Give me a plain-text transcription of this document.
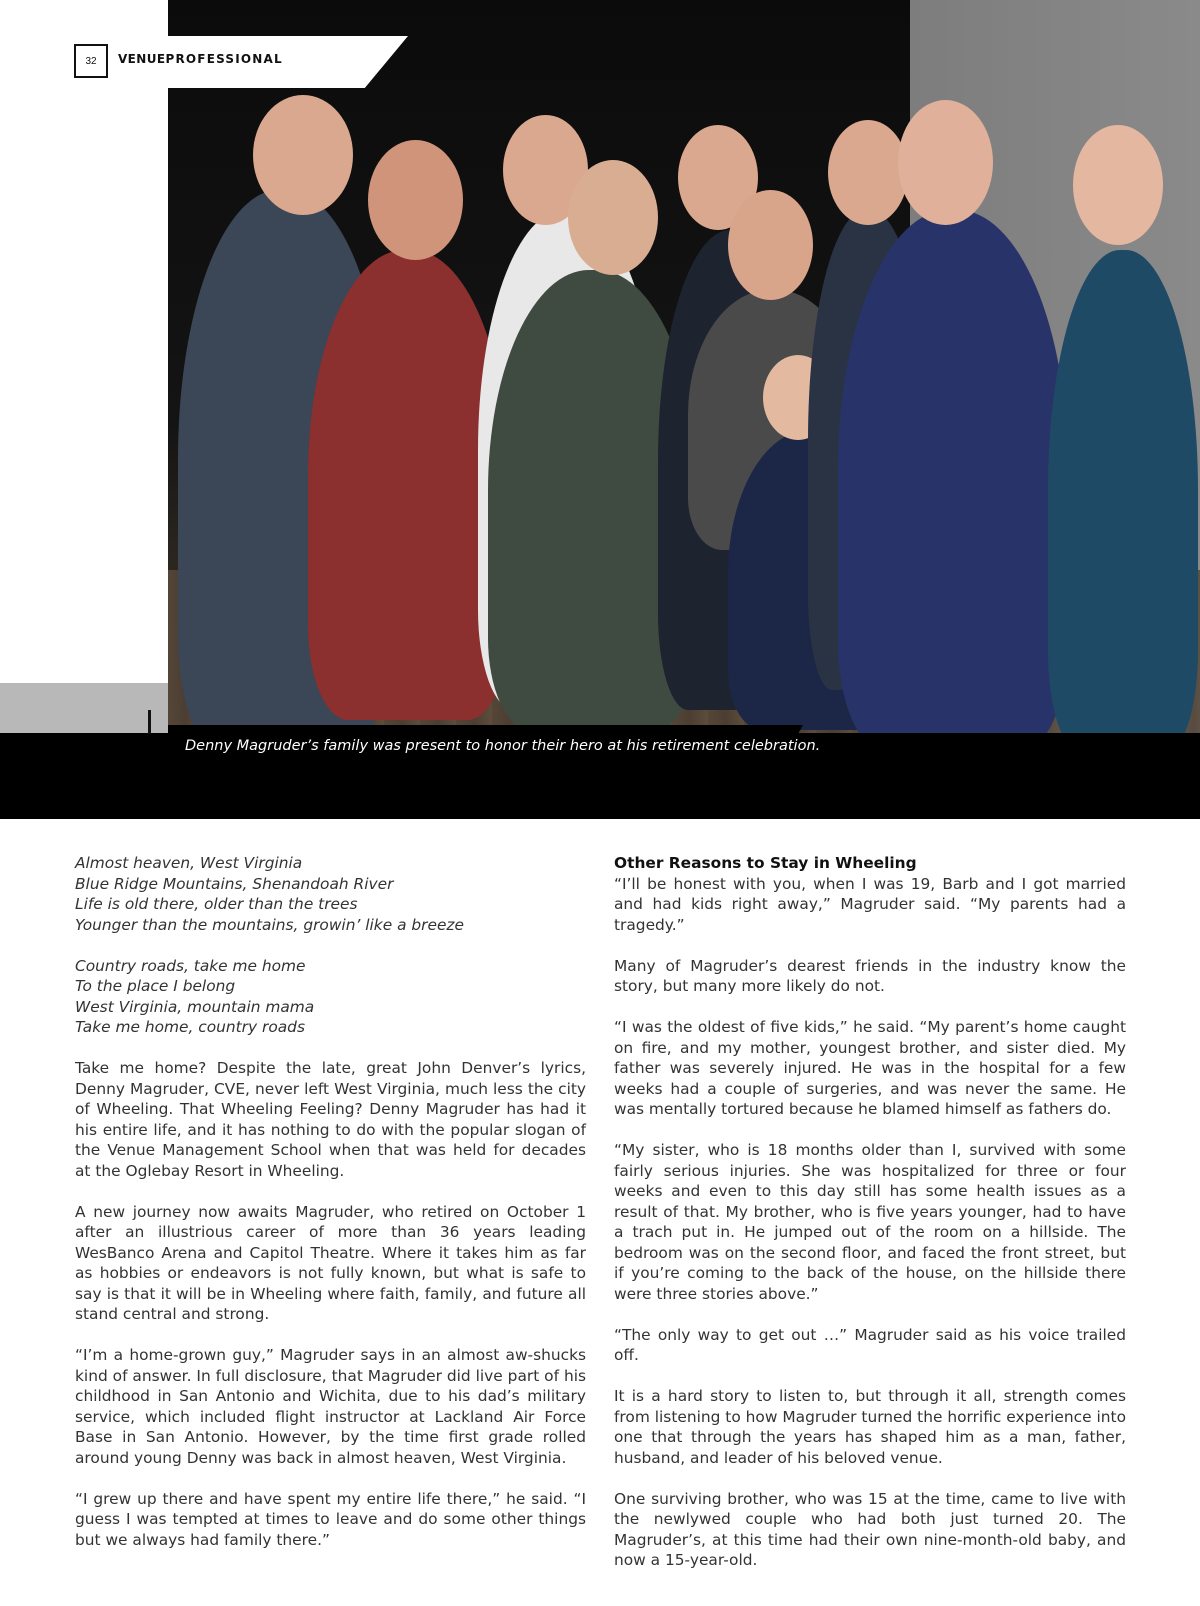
32	VENUEPROFESSIONAL
Denny Magruder’s family was present to honor their hero at his retirement celebration.

Almost heaven, West Virginia
Blue Ridge Mountains, Shenandoah River
Life is old there, older than the trees
Younger than the mountains, growin’ like a breeze

Country roads, take me home
To the place I belong
West Virginia, mountain mama
Take me home, country roads

Take me home? Despite the late, great John Denver’s lyrics, Denny Magruder, CVE, never left West Virginia, much less the city of Wheeling. That Wheeling Feeling? Denny Magruder has had it his entire life, and it has nothing to do with the popular slogan of the Venue Management School when that was held for decades at the Oglebay Resort in Wheeling.

A new journey now awaits Magruder, who retired on October 1 after an illustrious career of more than 36 years leading WesBanco Arena and Capitol Theatre. Where it takes him as far as hobbies or endeavors is not fully known, but what is safe to say is that it will be in Wheeling where faith, family, and future all stand central and strong.

“I’m a home-grown guy,” Magruder says in an almost aw-shucks kind of answer. In full disclosure, that Magruder did live part of his childhood in San Antonio and Wichita, due to his dad’s military service, which included flight instructor at Lackland Air Force Base in San Antonio. However, by the time first grade rolled around young Denny was back in almost heaven, West Virginia.

“I grew up there and have spent my entire life there,” he said. “I guess I was tempted at times to leave and do some other things but we always had family there.”

Other Reasons to Stay in Wheeling
“I’ll be honest with you, when I was 19, Barb and I got married and had kids right away,” Magruder said. “My parents had a tragedy.”

Many of Magruder’s dearest friends in the industry know the story, but many more likely do not.

“I was the oldest of five kids,” he said. “My parent’s home caught on fire, and my mother, youngest brother, and sister died. My father was severely injured. He was in the hospital for a few weeks had a couple of surgeries, and was never the same. He was mentally tortured because he blamed himself as fathers do.

“My sister, who is 18 months older than I, survived with some fairly serious injuries. She was hospitalized for three or four weeks and even to this day still has some health issues as a result of that. My brother, who is five years younger, had to have a trach put in. He jumped out of the room on a hillside. The bedroom was on the second floor, and faced the front street, but if you’re coming to the back of the house, on the hillside there were three stories above.”

“The only way to get out …” Magruder said as his voice trailed off.

It is a hard story to listen to, but through it all, strength comes from listening to how Magruder turned the horrific experience into one that through the years has shaped him as a man, father, husband, and leader of his beloved venue.

One surviving brother, who was 15 at the time, came to live with the newlywed couple who had both just turned 20. The Magruder’s, at this time had their own nine-month-old baby, and now a 15-year-old.
